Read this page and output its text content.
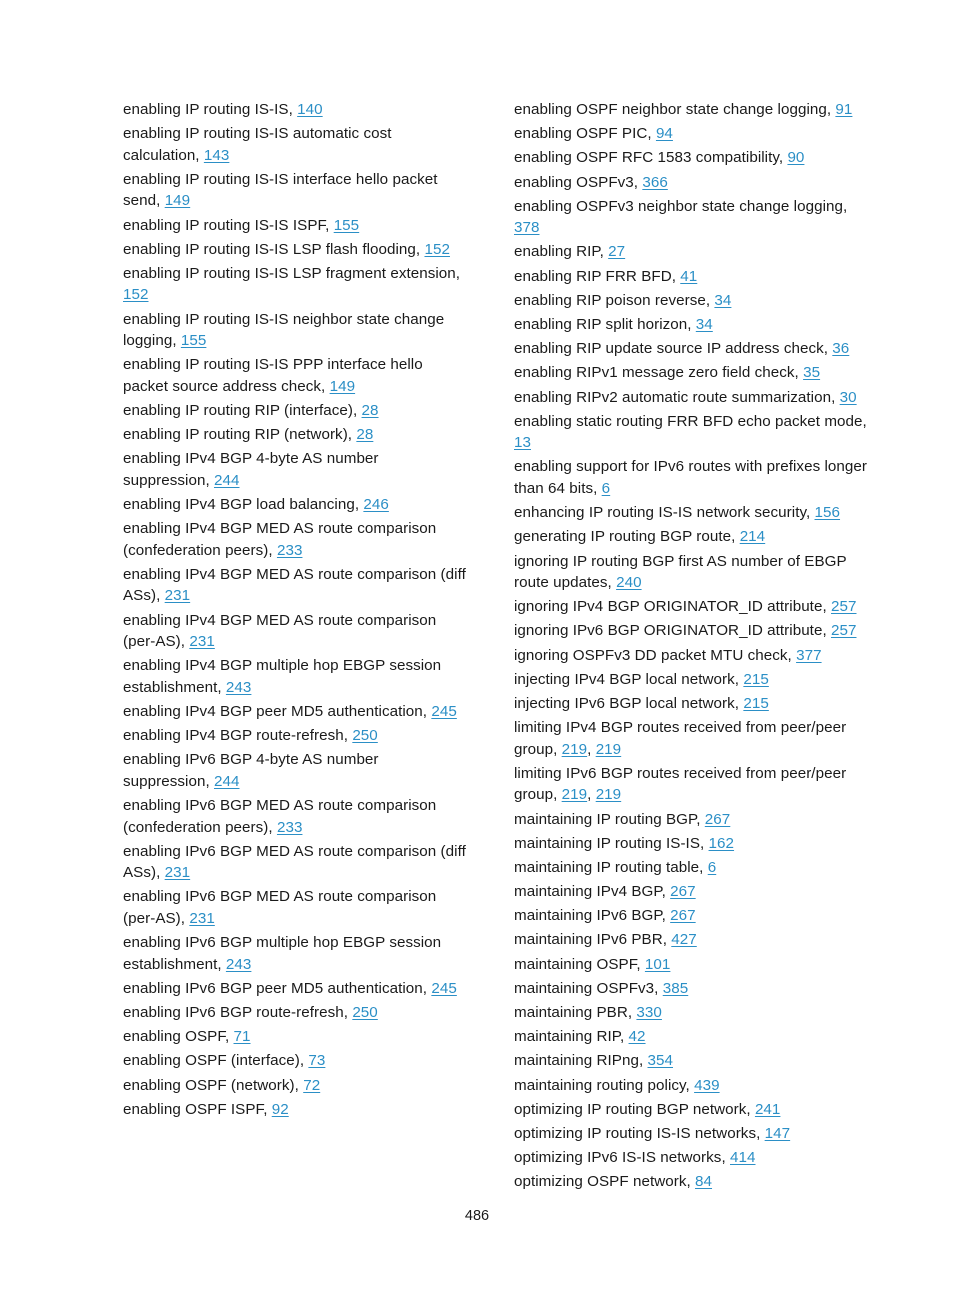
enabling IP routing IS-IS, 140
enabling IP routing IS-IS automatic cost calculation, 143
enabling IP routing IS-IS interface hello packet send, 149
enabling IP routing IS-IS ISPF, 155
enabling IP routing IS-IS LSP flash flooding, 152
enabling IP routing IS-IS LSP fragment extension, 152
enabling IP routing IS-IS neighbor state change logging, 155
enabling IP routing IS-IS PPP interface hello packet source address check, 149
enabling IP routing RIP (interface), 28
enabling IP routing RIP (network), 28
enabling IPv4 BGP 4-byte AS number suppression, 244
enabling IPv4 BGP load balancing, 246
enabling IPv4 BGP MED AS route comparison (confederation peers), 233
enabling IPv4 BGP MED AS route comparison (diff ASs), 231
enabling IPv4 BGP MED AS route comparison (per-AS), 231
enabling IPv4 BGP multiple hop EBGP session establishment, 243
enabling IPv4 BGP peer MD5 authentication, 245
enabling IPv4 BGP route-refresh, 250
enabling IPv6 BGP 4-byte AS number suppression, 244
enabling IPv6 BGP MED AS route comparison (confederation peers), 233
enabling IPv6 BGP MED AS route comparison (diff ASs), 231
enabling IPv6 BGP MED AS route comparison (per-AS), 231
enabling IPv6 BGP multiple hop EBGP session establishment, 243
enabling IPv6 BGP peer MD5 authentication, 245
enabling IPv6 BGP route-refresh, 250
enabling OSPF, 71
enabling OSPF (interface), 73
enabling OSPF (network), 72
enabling OSPF ISPF, 92
enabling OSPF neighbor state change logging, 91
enabling OSPF PIC, 94
enabling OSPF RFC 1583 compatibility, 90
enabling OSPFv3, 366
enabling OSPFv3 neighbor state change logging, 378
enabling RIP, 27
enabling RIP FRR BFD, 41
enabling RIP poison reverse, 34
enabling RIP split horizon, 34
enabling RIP update source IP address check, 36
enabling RIPv1 message zero field check, 35
enabling RIPv2 automatic route summarization, 30
enabling static routing FRR BFD echo packet mode, 13
enabling support for IPv6 routes with prefixes longer than 64 bits, 6
enhancing IP routing IS-IS network security, 156
generating IP routing BGP route, 214
ignoring IP routing BGP first AS number of EBGP route updates, 240
ignoring IPv4 BGP ORIGINATOR_ID attribute, 257
ignoring IPv6 BGP ORIGINATOR_ID attribute, 257
ignoring OSPFv3 DD packet MTU check, 377
injecting IPv4 BGP local network, 215
injecting IPv6 BGP local network, 215
limiting IPv4 BGP routes received from peer/peer group, 219, 219
limiting IPv6 BGP routes received from peer/peer group, 219, 219
maintaining IP routing BGP, 267
maintaining IP routing IS-IS, 162
maintaining IP routing table, 6
maintaining IPv4 BGP, 267
maintaining IPv6 BGP, 267
maintaining IPv6 PBR, 427
maintaining OSPF, 101
maintaining OSPFv3, 385
maintaining PBR, 330
maintaining RIP, 42
maintaining RIPng, 354
maintaining routing policy, 439
optimizing IP routing BGP network, 241
optimizing IP routing IS-IS networks, 147
optimizing IPv6 IS-IS networks, 414
optimizing OSPF network, 84
486
